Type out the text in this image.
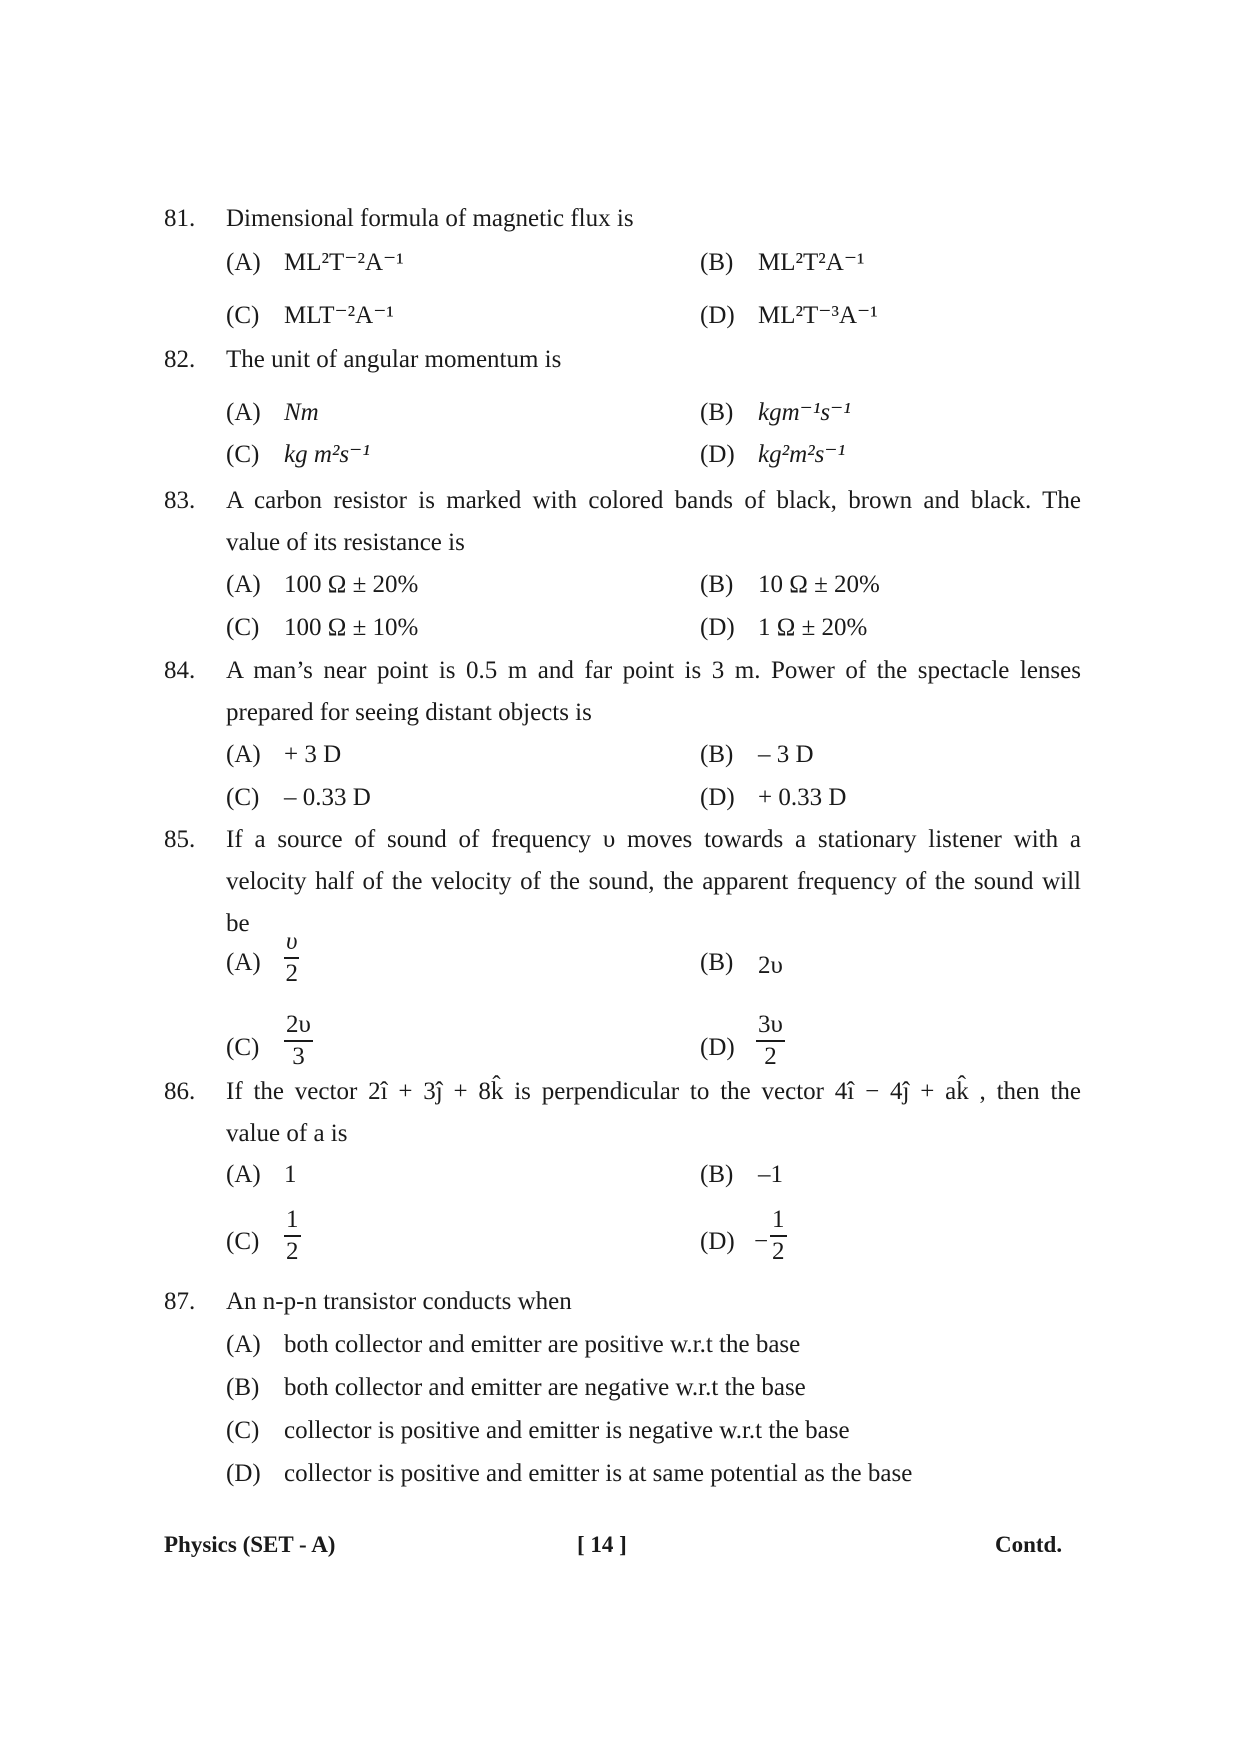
81. Dimensional formula of magnetic flux is
(A) ML²T⁻²A⁻¹	(B) ML²T²A⁻¹
(C) MLT⁻²A⁻¹	(D) ML²T⁻³A⁻¹
82. The unit of angular momentum is
(A) Nm	(B) kgm⁻¹s⁻¹
(C) kg m²s⁻¹	(D) kg²m²s⁻¹
83. A carbon resistor is marked with colored bands of black, brown and black. The
value of its resistance is
(A) 100 Ω ± 20%	(B) 10 Ω ± 20%
(C) 100 Ω ± 10%	(D) 1 Ω ± 20%
84. A man’s near point is 0.5 m and far point is 3 m. Power of the spectacle lenses
prepared for seeing distant objects is
(A) + 3 D	(B) – 3 D
(C) – 0.33 D	(D) + 0.33 D
85. If a source of sound of frequency υ moves towards a stationary listener with a
velocity half of the velocity of the sound, the apparent frequency of the sound will
be
(A)
υ
2	(B) 2υ
(C)
2υ
3	(D)
3υ
2
86. If the vector 2î + 3ĵ + 8k̂ is perpendicular to the vector 4î − 4ĵ + ak̂ , then the
value of a is
(A) 1	(B) –1
(C)
1
2	(D) −
1
2
87. An n-p-n transistor conducts when
(A) both collector and emitter are positive w.r.t the base
(B) both collector and emitter are negative w.r.t the base
(C) collector is positive and emitter is negative w.r.t the base
(D) collector is positive and emitter is at same potential as the base
Physics (SET - A)	[ 14 ]	Contd.
